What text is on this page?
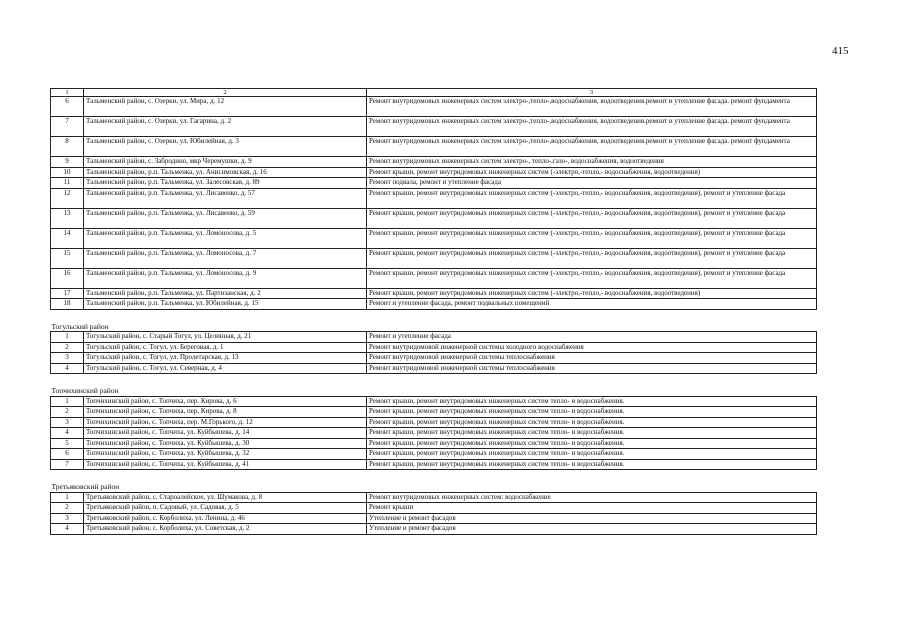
415
1	2	3
6	Тальменский район, с. Озерки, ул. Мира, д. 12	Ремонт внутридомовых инженерных систем электро-,тепло-,водоснабжения, водоотведения.ремонт и утепление фасада. ремонт фундамента
7	Тальменский район, с. Озерки, ул. Гагарина, д. 2	Ремонт внутридомовых инженерных систем электро-,тепло-,водоснабжения, водоотведения.ремонт и утепление фасада. ремонт фундамента
8	Тальменский район, с. Озерки, ул. Юбилейная, д. 3	Ремонт внутридомовых инженерных систем электро-,тепло-,водоснабжения, водоотведения.ремонт и утепление фасада. ремонт фундамента
9	Тальменский район, с. Забродино, мкр Черемушки, д. 9	Ремонт внутридомовых инженерных систем электро-, тепло-,газо-, водоснабжения, водоотведения
10	Тальменский район, р.п. Тальменка, ул. Анисимовская, д. 16	Ремонт крыши, ремонт внутридомовых инженерных систем (-электро,-тепло,- водоснабжения, водоотведения)
11	Тальменский район, р.п. Тальменка, ул. Залесовская, д. 89	Ремонт подвала, ремонт и утепление фасада
12	Тальменский район, р.п. Тальменка, ул. Лисавенко, д. 57	Ремонт крыши, ремонт внутридомовых инженерных систем (-электро,-тепло,- водоснабжения, водоотведения), ремонт и утепление фасада
13	Тальменский район, р.п. Тальменка, ул. Лисавенко, д. 59	Ремонт крыши, ремонт внутридомовых инженерных систем (-электро,-тепло,- водоснабжения, водоотведения), ремонт и утепление фасада
14	Тальменский район, р.п. Тальменка, ул. Ломоносова, д. 5	Ремонт крыши, ремонт внутридомовых инженерных систем (-электро,-тепло,- водоснабжения, водоотведения), ремонт и утепление фасада
15	Тальменский район, р.п. Тальменка, ул. Ломоносова, д. 7	Ремонт крыши, ремонт внутридомовых инженерных систем (-электро,-тепло,- водоснабжения, водоотведения), ремонт и утепление фасада
16	Тальменский район, р.п. Тальменка, ул. Ломоносова, д. 9	Ремонт крыши, ремонт внутридомовых инженерных систем (-электро,-тепло,- водоснабжения, водоотведения), ремонт и утепление фасада
17	Тальменский район, р.п. Тальменка, ул. Партизанская, д. 2	Ремонт крыши, ремонт внутридомовых инженерных систем (-электро,-тепло,- водоснабжения, водоотведения)
18	Тальменский район, р.п. Тальменка, ул. Юбилейная, д. 15	Ремонт и утепление фасада, ремонт подвальных помещений
Тогульский район		
1	Тогульский район, с. Старый Тогул, ул. Целинная, д. 21	Ремонт и утепление фасада
2	Тогульский район, с. Тогул, ул. Береговая, д. 1	Ремонт внутридомовой инженерной системы холодного водоснабжения
3	Тогульский район, с. Тогул, ул. Пролетарская, д. 13	Ремонт внутридомовой инженерной системы теплоснабжения
4	Тогульский район, с. Тогул, ул. Северная, д. 4	Ремонт внутридомовой инженерной системы теплоснабжения
Топчихинский район		
1	Топчихинский район, с. Топчиха, пер. Кирова, д. 6	Ремонт крыши, ремонт внутридомовых инженерных систем тепло- и водоснабжения.
2	Топчихинский район, с. Топчиха, пер. Кирова, д. 8	Ремонт крыши, ремонт внутридомовых инженерных систем тепло- и водоснабжения.
3	Топчихинский район, с. Топчиха, пер. М.Горького, д. 12	Ремонт крыши, ремонт внутридомовых инженерных систем тепло- и водоснабжения.
4	Топчихинский район, с. Топчиха, ул. Куйбышева, д. 14	Ремонт крыши, ремонт внутридомовых инженерных систем тепло- и водоснабжения.
5	Топчихинский район, с. Топчиха, ул. Куйбышева, д. 30	Ремонт крыши, ремонт внутридомовых инженерных систем тепло- и водоснабжения.
6	Топчихинский район, с. Топчиха, ул. Куйбышева, д. 32	Ремонт крыши, ремонт внутридомовых инженерных систем тепло- и водоснабжения.
7	Топчихинский район, с. Топчиха, ул. Куйбышева, д. 41	Ремонт крыши, ремонт внутридомовых инженерных систем тепло- и водоснабжения.
Третьяковский район		
1	Третьяковский район, с. Староалейское, ул. Шумакова, д. 8	Ремонт внутридомовых инженерных систем: водоснабжение
2	Третьяковский район, п. Садовый, ул. Садовая, д. 5	Ремонт крыши
3	Третьяковский район, с. Корболиха, ул. Ленина, д. 46	Утепление и ремонт фасадов
4	Третьяковский район, с. Корболиха, ул. Советская, д. 2	Утепление и ремонт фасадов
